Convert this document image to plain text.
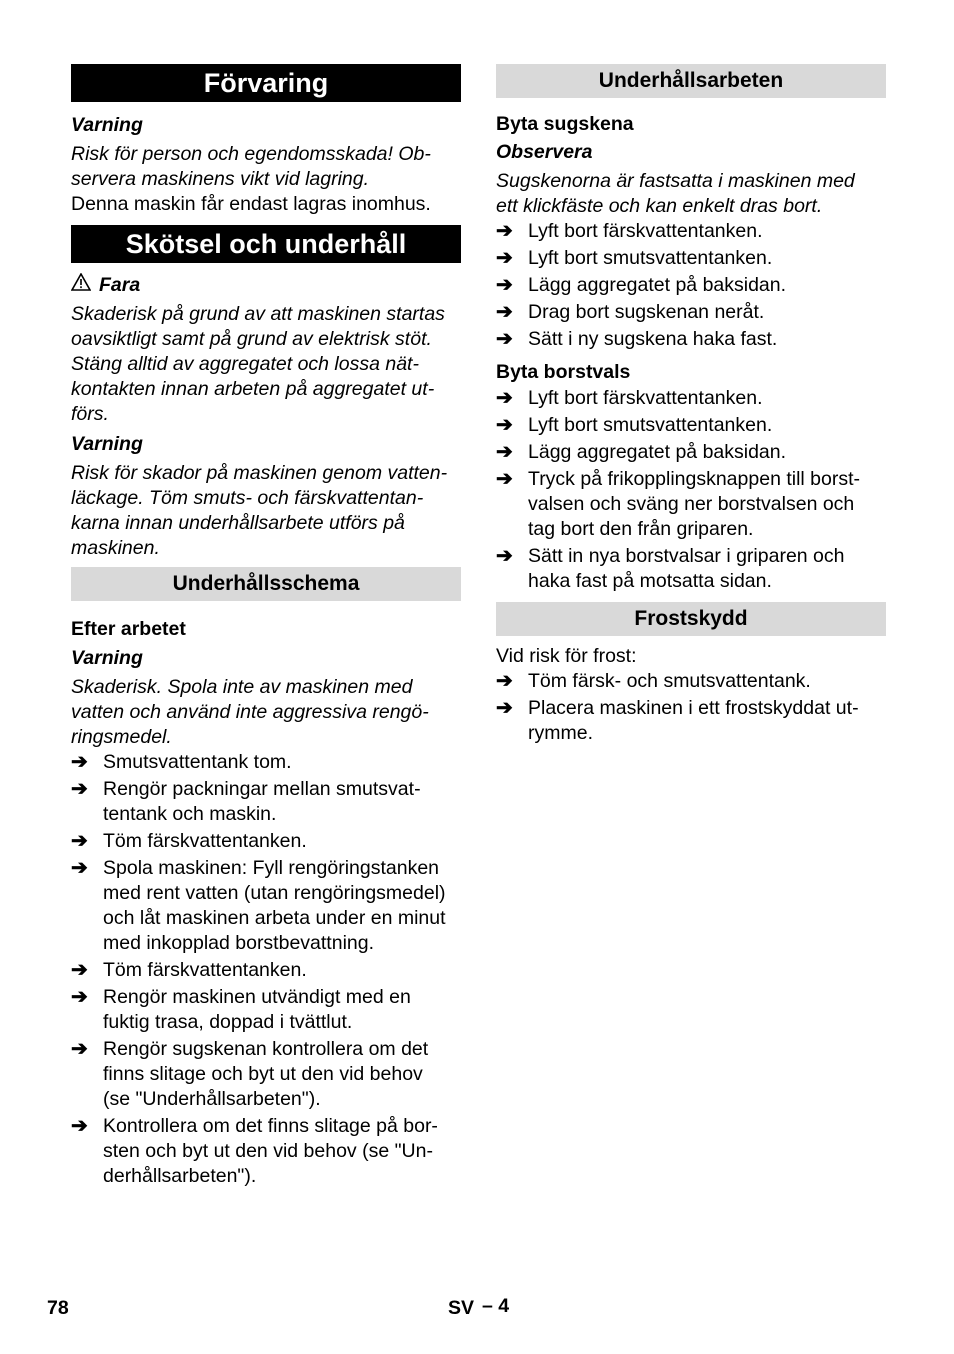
Förvaring
Varning
Risk för person och egendomsskada! Ob-
servera maskinens vikt vid lagring.
Denna maskin får endast lagras inomhus.
Skötsel och underhåll
Fara
Skaderisk på grund av att maskinen startas
oavsiktligt samt på grund av elektrisk stöt.
Stäng alltid av aggregatet och lossa nät-
kontakten innan arbeten på aggregatet ut-
förs.
Varning
Risk för skador på maskinen genom vatten-
läckage. Töm smuts- och färskvattentan-
karna innan underhållsarbete utförs på
maskinen.
Underhållsschema
Efter arbetet
Varning
Skaderisk. Spola inte av maskinen med
vatten och använd inte aggressiva rengö-
ringsmedel.
➔ Smutsvattentank tom.
➔ Rengör packningar mellan smutsvat-
tentank och maskin.
➔ Töm färskvattentanken.
➔ Spola maskinen: Fyll rengöringstanken
med rent vatten (utan rengöringsmedel)
och låt maskinen arbeta under en minut
med inkopplad borstbevattning.
➔ Töm färskvattentanken.
➔ Rengör maskinen utvändigt med en
fuktig trasa, doppad i tvättlut.
➔ Rengör sugskenan kontrollera om det
finns slitage och byt ut den vid behov
(se "Underhållsarbeten").
➔ Kontrollera om det finns slitage på bor-
sten och byt ut den vid behov (se "Un-
derhållsarbeten").
Underhållsarbeten
Byta sugskena
Observera
Sugskenorna är fastsatta i maskinen med
ett klickfäste och kan enkelt dras bort.
➔ Lyft bort färskvattentanken.
➔ Lyft bort smutsvattentanken.
➔ Lägg aggregatet på baksidan.
➔ Drag bort sugskenan neråt.
➔ Sätt i ny sugskena haka fast.
Byta borstvals
➔ Lyft bort färskvattentanken.
➔ Lyft bort smutsvattentanken.
➔ Lägg aggregatet på baksidan.
➔ Tryck på frikopplingsknappen till borst-
valsen och sväng ner borstvalsen och
tag bort den från griparen.
➔ Sätt in nya borstvalsar i griparen och
haka fast på motsatta sidan.
Frostskydd
Vid risk för frost:
➔ Töm färsk- och smutsvattentank.
➔ Placera maskinen i ett frostskyddat ut-
rymme.
78	SV – 4
